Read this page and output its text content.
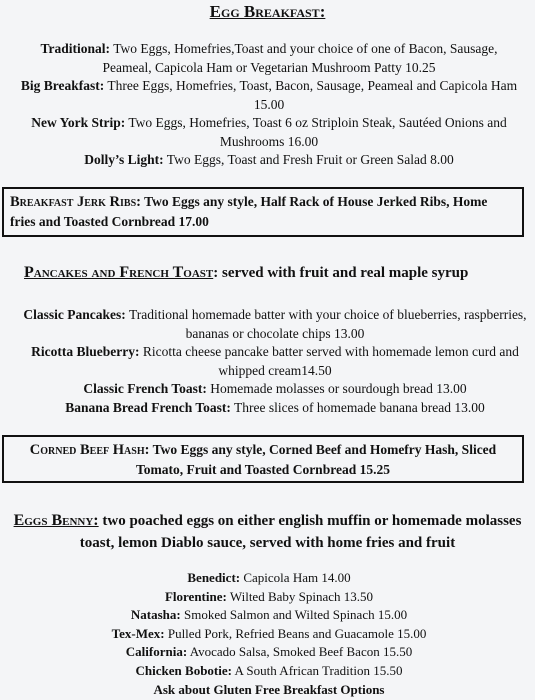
Egg Breakfast:

Traditional: Two Eggs, Homefries,Toast and your choice of one of Bacon, Sausage, Peameal, Capicola Ham or Vegetarian Mushroom Patty 10.25

Big Breakfast: Three Eggs, Homefries, Toast, Bacon, Sausage, Peameal and Capicola Ham 15.00

New York Strip: Two Eggs, Homefries, Toast 6 oz Striploin Steak, Sautéed Onions and Mushrooms 16.00

Dolly’s Light: Two Eggs, Toast and Fresh Fruit or Green Salad 8.00

Breakfast Jerk Ribs: Two Eggs any style, Half Rack of House Jerked Ribs, Home fries and Toasted Cornbread 17.00
Pancakes and French Toast: served with fruit and real maple syrup

Classic Pancakes: Traditional homemade batter with your choice of blueberries, raspberries, bananas or chocolate chips 13.00

Ricotta Blueberry: Ricotta cheese pancake batter served with homemade lemon curd and whipped cream14.50

Classic French Toast: Homemade molasses or sourdough bread 13.00

Banana Bread French Toast: Three slices of homemade banana bread 13.00

Corned Beef Hash: Two Eggs any style, Corned Beef and Homefry Hash, Sliced Tomato, Fruit and Toasted Cornbread 15.25
Eggs Benny: two poached eggs on either english muffin or homemade molasses toast, lemon Diablo sauce, served with home fries and fruit

Benedict: Capicola Ham 14.00

Florentine: Wilted Baby Spinach 13.50

Natasha: Smoked Salmon and Wilted Spinach 15.00

Tex-Mex: Pulled Pork, Refried Beans and Guacamole 15.00

California: Avocado Salsa, Smoked Beef Bacon 15.50

Chicken Bobotie: A South African Tradition 15.50

Ask about Gluten Free Breakfast Options
